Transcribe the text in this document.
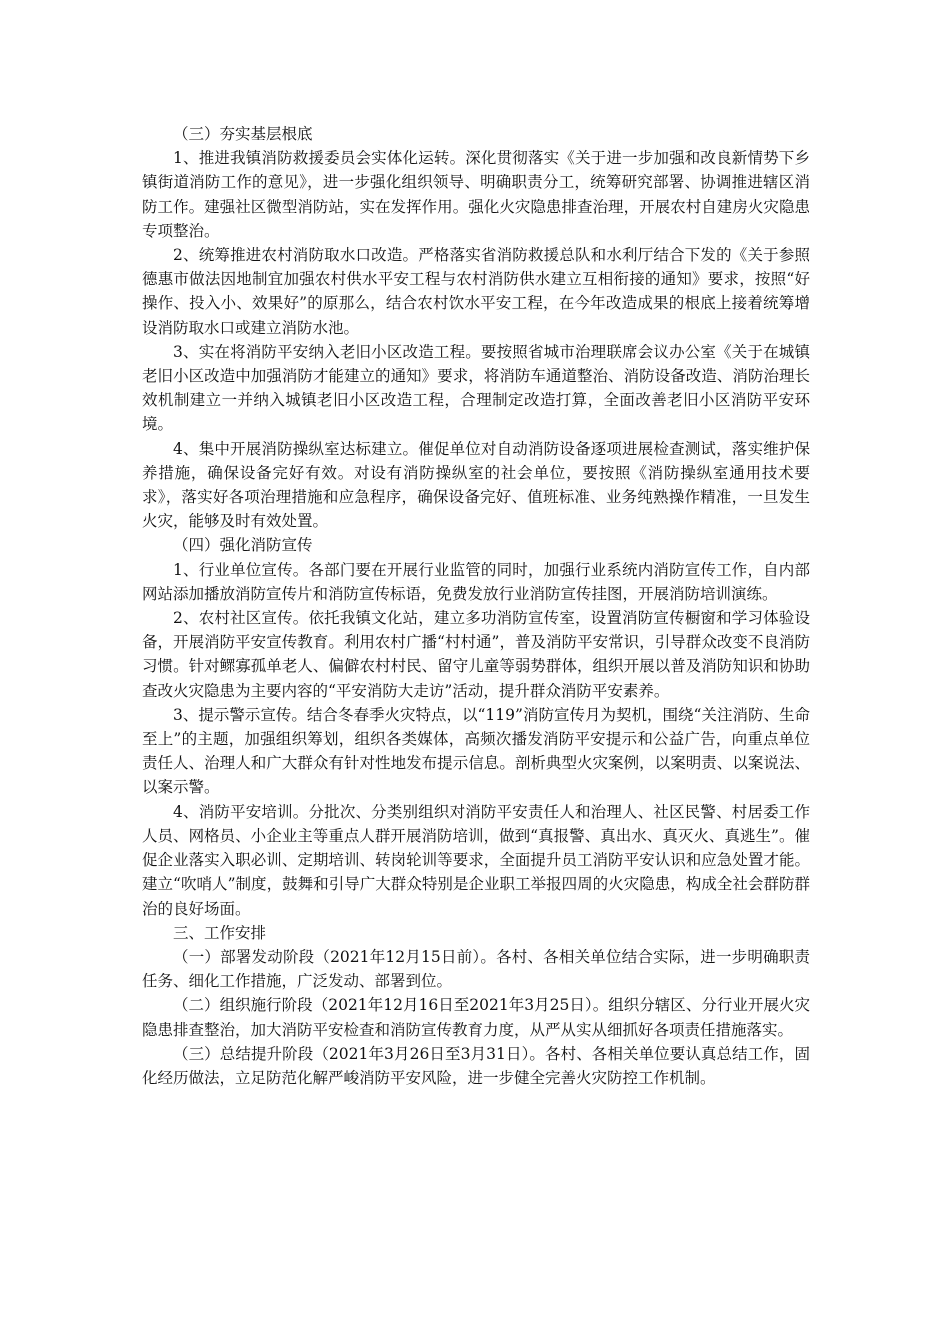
（三）夯实基层根底

1、推进我镇消防救援委员会实体化运转。深化贯彻落实《关于进一步加强和改良新情势下乡镇街道消防工作的意见》，进一步强化组织领导、明确职责分工，统筹研究部署、协调推进辖区消防工作。建强社区微型消防站，实在发挥作用。强化火灾隐患排查治理，开展农村自建房火灾隐患专项整治。

2、统筹推进农村消防取水口改造。严格落实省消防救援总队和水利厅结合下发的《关于参照德惠市做法因地制宜加强农村供水平安工程与农村消防供水建立互相衔接的通知》要求，按照“好操作、投入小、效果好”的原那么，结合农村饮水平安工程，在今年改造成果的根底上接着统筹增设消防取水口或建立消防水池。

3、实在将消防平安纳入老旧小区改造工程。要按照省城市治理联席会议办公室《关于在城镇老旧小区改造中加强消防才能建立的通知》要求，将消防车通道整治、消防设备改造、消防治理长效机制建立一并纳入城镇老旧小区改造工程，合理制定改造打算，全面改善老旧小区消防平安环境。

4、集中开展消防操纵室达标建立。催促单位对自动消防设备逐项进展检查测试，落实维护保养措施，确保设备完好有效。对设有消防操纵室的社会单位，要按照《消防操纵室通用技术要求》，落实好各项治理措施和应急程序，确保设备完好、值班标准、业务纯熟操作精准，一旦发生火灾，能够及时有效处置。

（四）强化消防宣传

1、行业单位宣传。各部门要在开展行业监管的同时，加强行业系统内消防宣传工作，自内部网站添加播放消防宣传片和消防宣传标语，免费发放行业消防宣传挂图，开展消防培训演练。

2、农村社区宣传。依托我镇文化站，建立多功消防宣传室，设置消防宣传橱窗和学习体验设备，开展消防平安宣传教育。利用农村广播“村村通”，普及消防平安常识，引导群众改变不良消防习惯。针对鳏寡孤单老人、偏僻农村村民、留守儿童等弱势群体，组织开展以普及消防知识和协助查改火灾隐患为主要内容的“平安消防大走访”活动，提升群众消防平安素养。

3、提示警示宣传。结合冬春季火灾特点，以“119”消防宣传月为契机，围绕“关注消防、生命至上”的主题，加强组织筹划，组织各类媒体，高频次播发消防平安提示和公益广告，向重点单位责任人、治理人和广大群众有针对性地发布提示信息。剖析典型火灾案例，以案明责、以案说法、以案示警。

4、消防平安培训。分批次、分类别组织对消防平安责任人和治理人、社区民警、村居委工作人员、网格员、小企业主等重点人群开展消防培训，做到“真报警、真出水、真灭火、真逃生”。催促企业落实入职必训、定期培训、转岗轮训等要求，全面提升员工消防平安认识和应急处置才能。建立“吹哨人”制度，鼓舞和引导广大群众特别是企业职工举报四周的火灾隐患，构成全社会群防群治的良好场面。

三、工作安排

（一）部署发动阶段（2021年12月15日前）。各村、各相关单位结合实际，进一步明确职责任务、细化工作措施，广泛发动、部署到位。

（二）组织施行阶段（2021年12月16日至2021年3月25日）。组织分辖区、分行业开展火灾隐患排查整治，加大消防平安检查和消防宣传教育力度，从严从实从细抓好各项责任措施落实。

（三）总结提升阶段（2021年3月26日至3月31日）。各村、各相关单位要认真总结工作，固化经历做法，立足防范化解严峻消防平安风险，进一步健全完善火灾防控工作机制。
